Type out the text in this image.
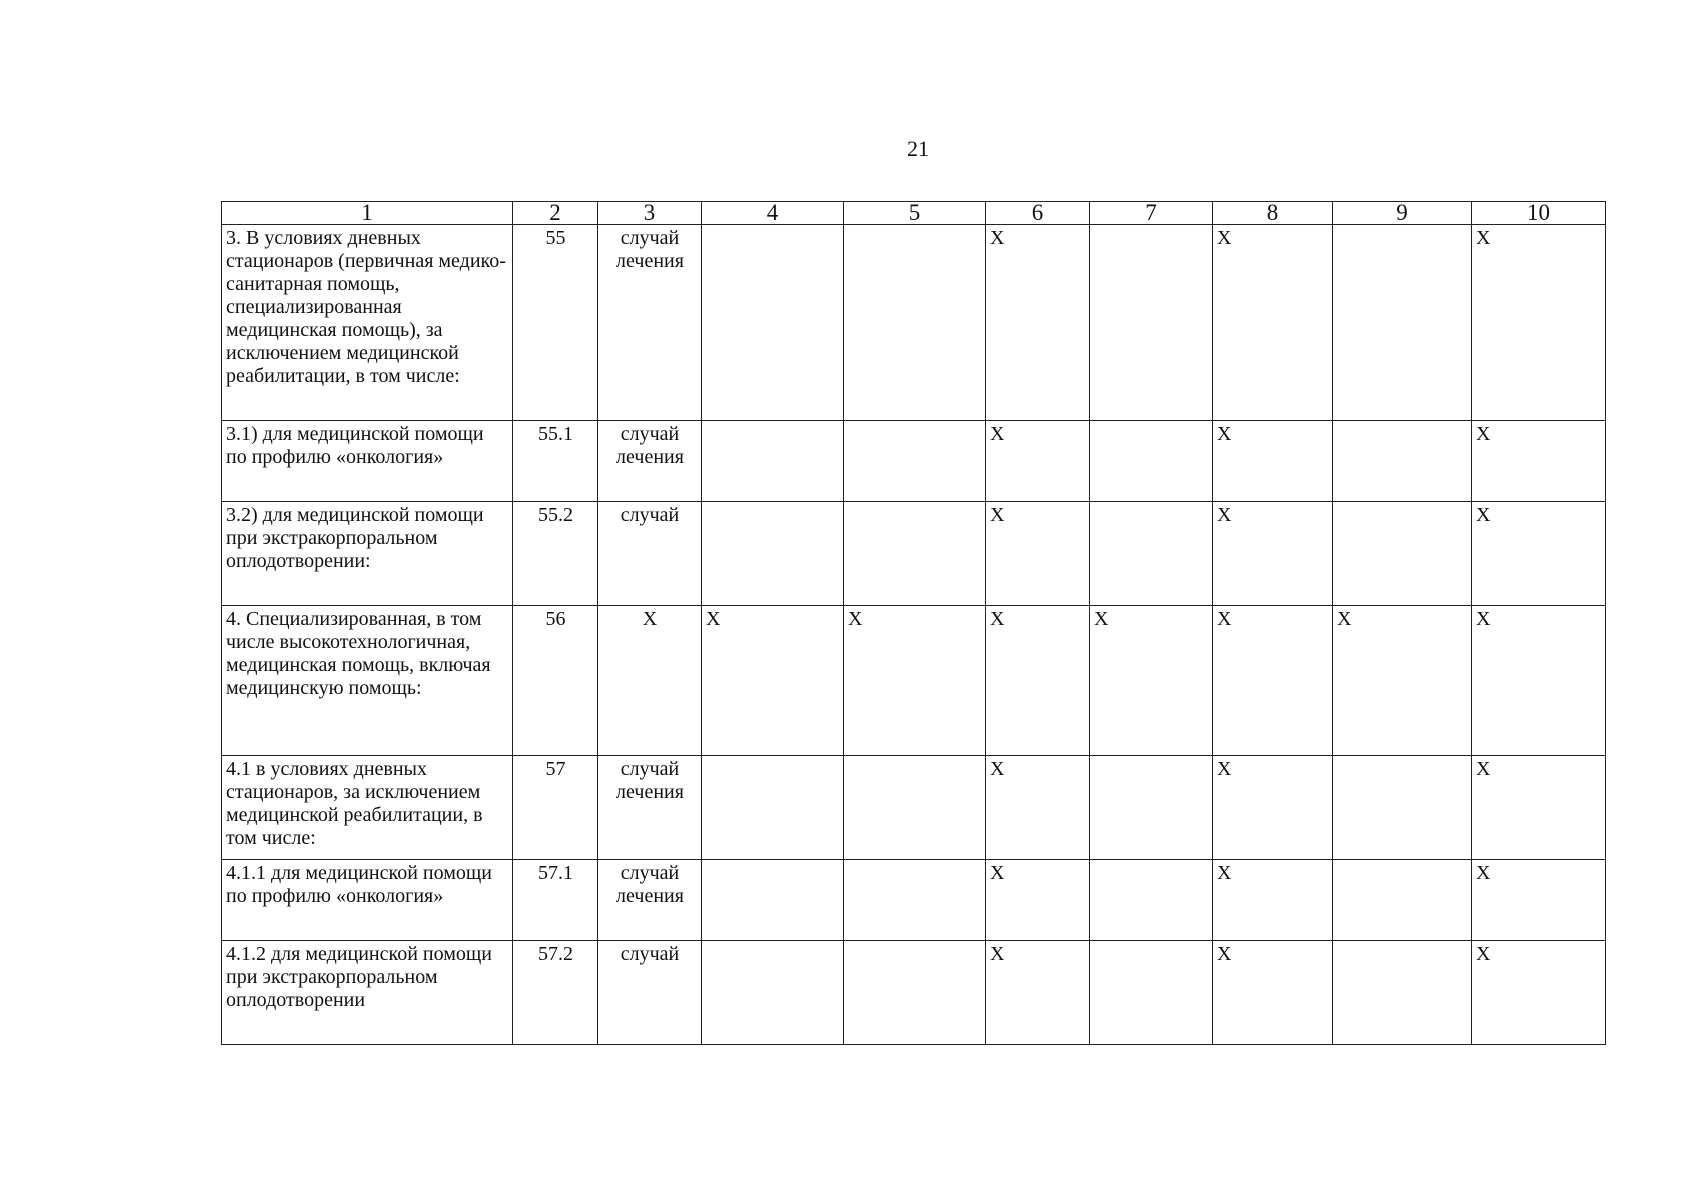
21
1	2	3	4	5	6	7	8	9	10
3. В условиях дневных стационаров (первичная медико-санитарная помощь, специализированная медицинская помощь), за исключением медицинской реабилитации, в том числе:	55	случай лечения			X		X		X
3.1) для медицинской помощи по профилю «онкология»	55.1	случай лечения			X		X		X
3.2) для медицинской помощи при экстракорпоральном оплодотворении:	55.2	случай			X		X		X
4. Специализированная, в том числе высокотехнологичная, медицинская помощь, включая медицинскую помощь:	56	X	X	X	X	X	X	X	X
4.1 в условиях дневных стационаров, за исключением медицинской реабилитации, в том числе:	57	случай лечения			X		X		X
4.1.1 для медицинской помощи по профилю «онкология»	57.1	случай лечения			X		X		X
4.1.2 для медицинской помощи при экстракорпоральном оплодотворении	57.2	случай			X		X		X
